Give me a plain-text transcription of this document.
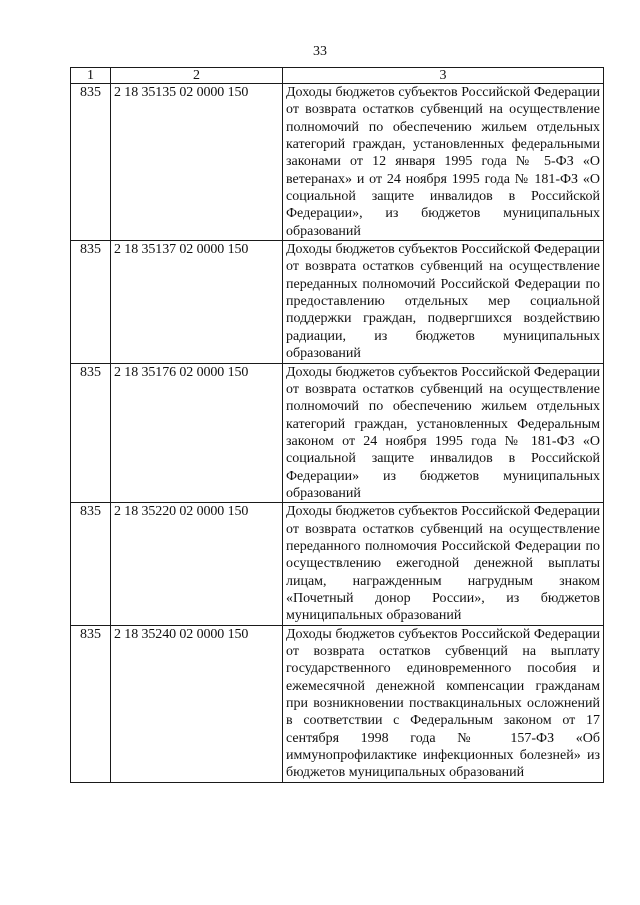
33
1	2	3
835	2 18 35135 02 0000 150	Доходы бюджетов субъектов Российской Федерации от возврата остатков субвенций на осуществление полномочий по обеспечению жильем отдельных категорий граждан, установленных федеральными законами от 12 января 1995 года № 5-ФЗ «О ветеранах» и от 24 ноября 1995 года № 181-ФЗ «О социальной защите инвалидов в Российской Федерации», из бюджетов муниципальных образований
835	2 18 35137 02 0000 150	Доходы бюджетов субъектов Российской Федерации от возврата остатков субвенций на осуществление переданных полномочий Российской Федерации по предоставлению отдельных мер социальной поддержки граждан, подвергшихся воздействию радиации, из бюджетов муниципальных образований
835	2 18 35176 02 0000 150	Доходы бюджетов субъектов Российской Федерации от возврата остатков субвенций на осуществление полномочий по обеспечению жильем отдельных категорий граждан, установленных Федеральным законом от 24 ноября 1995 года № 181-ФЗ «О социальной защите инвалидов в Российской Федерации» из бюджетов муниципальных образований
835	2 18 35220 02 0000 150	Доходы бюджетов субъектов Российской Федерации от возврата остатков субвенций на осуществление переданного полномочия Российской Федерации по осуществлению ежегодной денежной выплаты лицам, награжденным нагрудным знаком «Почетный донор России», из бюджетов муниципальных образований
835	2 18 35240 02 0000 150	Доходы бюджетов субъектов Российской Федерации от возврата остатков субвенций на выплату государственного единовременного пособия и ежемесячной денежной компенсации гражданам при возникновении поствакцинальных осложнений в соответствии с Федеральным законом от 17 сентября 1998 года № 157-ФЗ «Об иммунопрофилактике инфекционных болезней» из бюджетов муниципальных образований
